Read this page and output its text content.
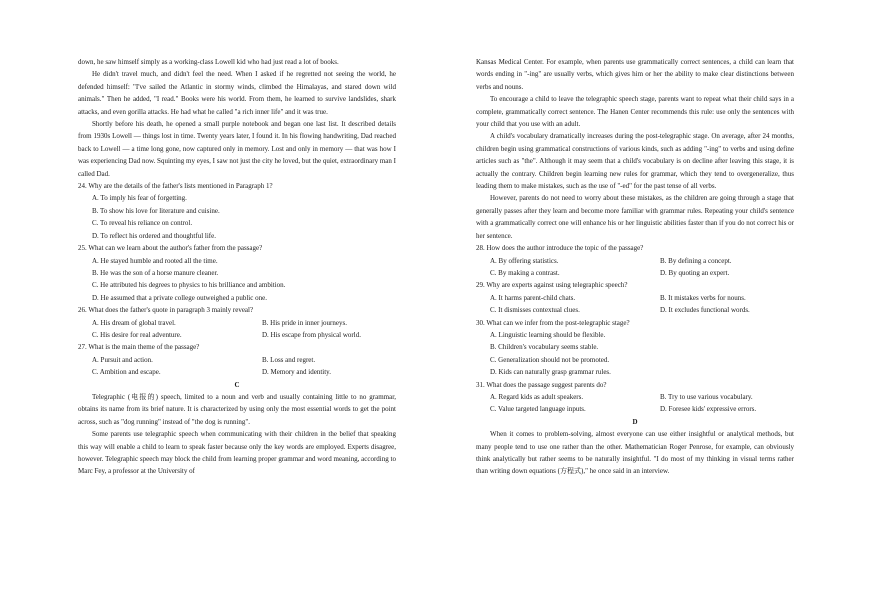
down, he saw himself simply as a working-class Lowell kid who had just read a lot of books.

He didn't travel much, and didn't feel the need. When I asked if he regretted not seeing the world, he defended himself: "I've sailed the Atlantic in stormy winds, climbed the Himalayas, and stared down wild animals." Then he added, "I read." Books were his world. From them, he learned to survive landslides, shark attacks, and even gorilla attacks. He had what he called "a rich inner life" and it was true.

Shortly before his death, he opened a small purple notebook and began one last list. It described details from 1930s Lowell — things lost in time. Twenty years later, I found it. In his flowing handwriting, Dad reached back to Lowell — a time long gone, now captured only in memory. Lost and only in memory — that was how I was experiencing Dad now. Squinting my eyes, I saw not just the city he loved, but the quiet, extraordinary man I called Dad.

24. Why are the details of the father's lists mentioned in Paragraph 1?

A. To imply his fear of forgetting.

B. To show his love for literature and cuisine.

C. To reveal his reliance on control.

D. To reflect his ordered and thoughtful life.

25. What can we learn about the author's father from the passage?

A. He stayed humble and rooted all the time.

B. He was the son of a horse manure cleaner.

C. He attributed his degrees to physics to his brilliance and ambition.

D. He assumed that a private college outweighed a public one.

26. What does the father's quote in paragraph 3 mainly reveal?

A. His dream of global travel.	B. His pride in inner journeys.
C. His desire for real adventure.	D. His escape from physical world.

27. What is the main theme of the passage?

A. Pursuit and action.	B. Loss and regret.
C. Ambition and escape.	D. Memory and identity.

C

Telegraphic (电报的) speech, limited to a noun and verb and usually containing little to no grammar, obtains its name from its brief nature. It is characterized by using only the most essential words to get the point across, such as "dog running" instead of "the dog is running".

Some parents use telegraphic speech when communicating with their children in the belief that speaking this way will enable a child to learn to speak faster because only the key words are employed. Experts disagree, however. Telegraphic speech may block the child from learning proper grammar and word meaning, according to Marc Fey, a professor at the University of

Kansas Medical Center. For example, when parents use grammatically correct sentences, a child can learn that words ending in "-ing" are usually verbs, which gives him or her the ability to make clear distinctions between verbs and nouns.

To encourage a child to leave the telegraphic speech stage, parents want to repeat what their child says in a complete, grammatically correct sentence. The Hanen Center recommends this rule: use only the sentences with your child that you use with an adult.

A child's vocabulary dramatically increases during the post-telegraphic stage. On average, after 24 months, children begin using grammatical constructions of various kinds, such as adding "-ing" to verbs and using define articles such as "the". Although it may seem that a child's vocabulary is on decline after leaving this stage, it is actually the contrary. Children begin learning new rules for grammar, which they tend to overgeneralize, thus leading them to make mistakes, such as the use of "-ed" for the past tense of all verbs.

However, parents do not need to worry about these mistakes, as the children are going through a stage that generally passes after they learn and become more familiar with grammar rules. Repeating your child's sentence with a grammatically correct one will enhance his or her linguistic abilities faster than if you do not correct his or her sentence.

28. How does the author introduce the topic of the passage?

A. By offering statistics.	B. By defining a concept.
C. By making a contrast.	D. By quoting an expert.

29. Why are experts against using telegraphic speech?

A. It harms parent-child chats.	B. It mistakes verbs for nouns.
C. It dismisses contextual clues.	D. It excludes functional words.

30. What can we infer from the post-telegraphic stage?

A. Linguistic learning should be flexible.

B. Children's vocabulary seems stable.

C. Generalization should not be promoted.

D. Kids can naturally grasp grammar rules.

31. What does the passage suggest parents do?

A. Regard kids as adult speakers.	B. Try to use various vocabulary.
C. Value targeted language inputs.	D. Foresee kids' expressive errors.

D

When it comes to problem-solving, almost everyone can use either insightful or analytical methods, but many people tend to use one rather than the other. Mathematician Roger Penrose, for example, can obviously think analytically but rather seems to be naturally insightful. "I do most of my thinking in visual terms rather than writing down equations (方程式)," he once said in an interview.
